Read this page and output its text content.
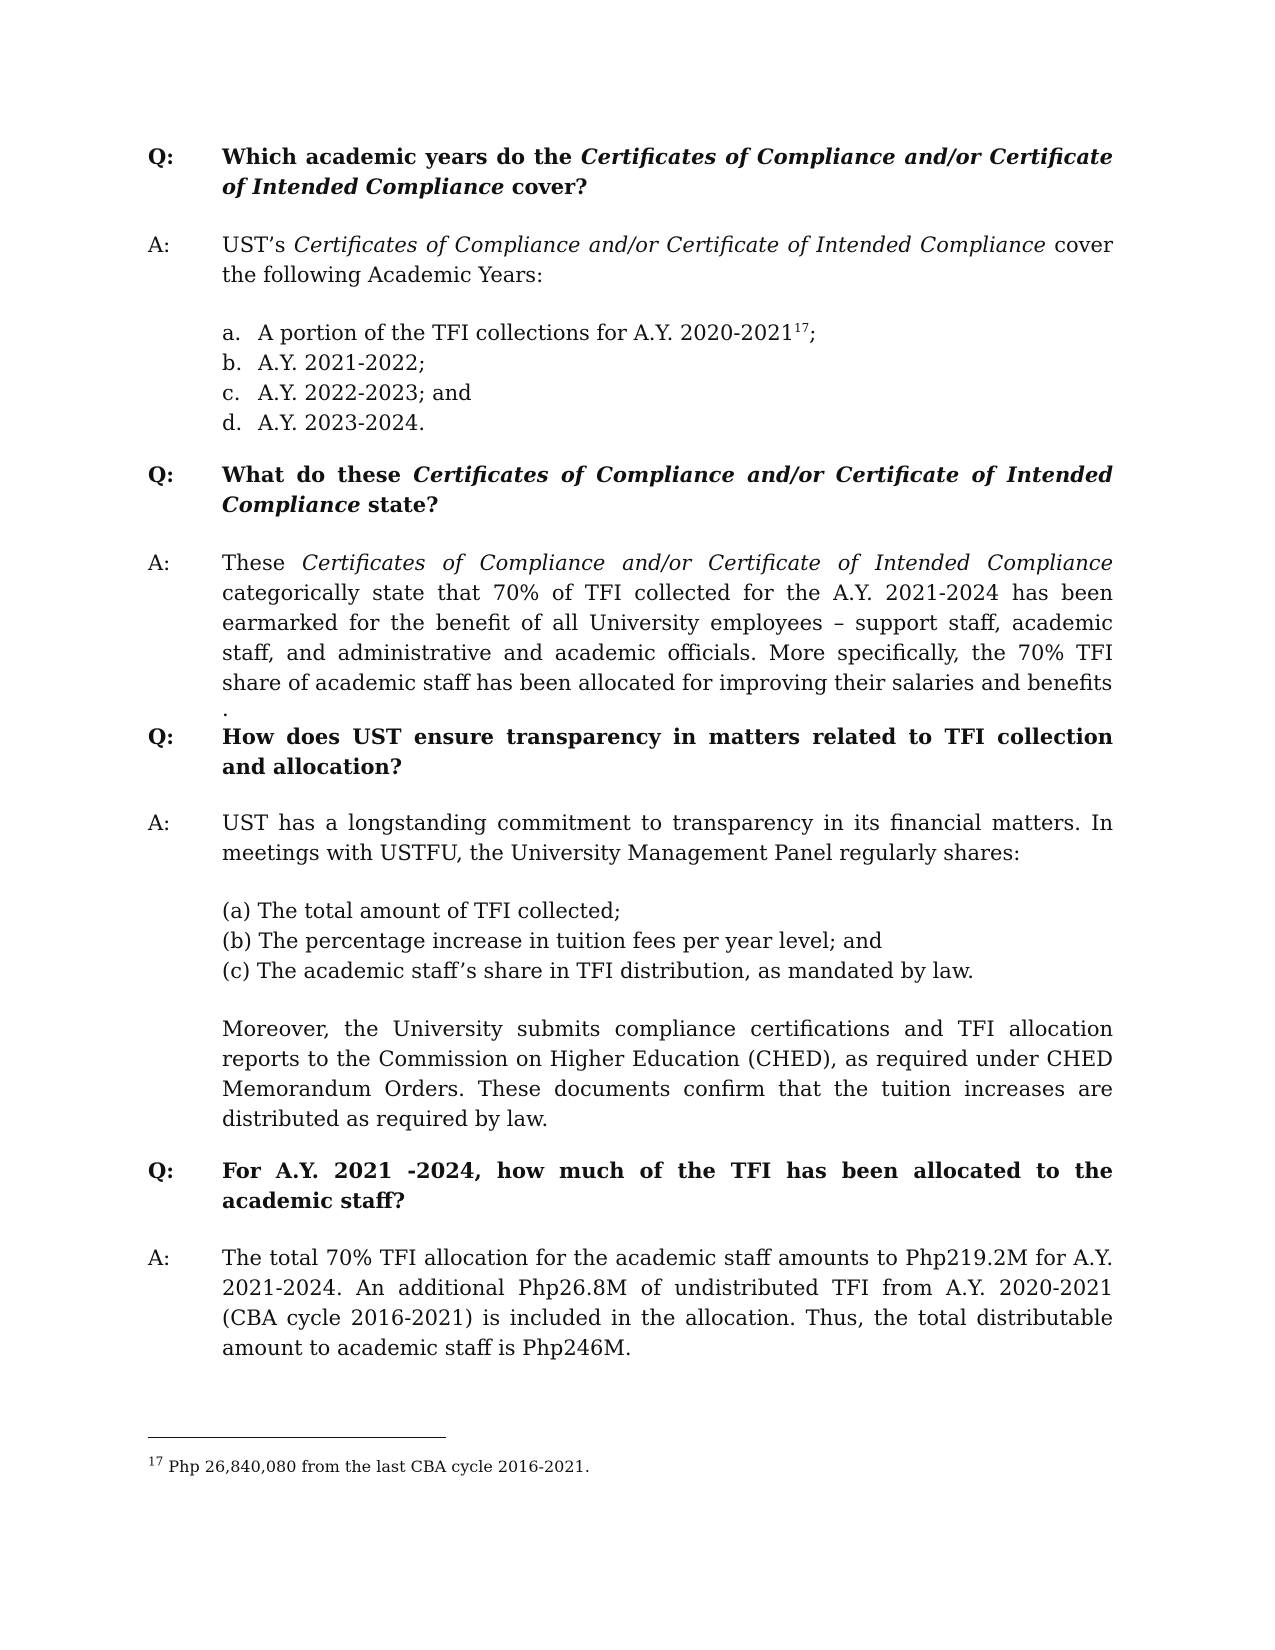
Q:	Which academic years do the Certificates of Compliance and/or Certificate of Intended Compliance cover?
A:	UST’s Certificates of Compliance and/or Certificate of Intended Compliance cover the following Academic Years:

a. A portion of the TFI collections for A.Y. 2020-2021$^{17}$;
b. A.Y. 2021-2022;
c. A.Y. 2022-2023; and
d. A.Y. 2023-2024.
Q:	What do these Certificates of Compliance and/or Certificate of Intended Compliance state?
A:	These Certificates of Compliance and/or Certificate of Intended Compliance categorically state that 70% of TFI collected for the A.Y. 2021-2024 has been earmarked for the benefit of all University employees – support staff, academic staff, and administrative and academic officials. More specifically, the 70% TFI share of academic staff has been allocated for improving their salaries and benefits

.

Q:	How does UST ensure transparency in matters related to TFI collection and allocation?
A:	UST has a longstanding commitment to transparency in its financial matters. In meetings with USTFU, the University Management Panel regularly shares:

(a) The total amount of TFI collected;
(b) The percentage increase in tuition fees per year level; and
(c) The academic staff’s share in TFI distribution, as mandated by law.

Moreover, the University submits compliance certifications and TFI allocation reports to the Commission on Higher Education (CHED), as required under CHED Memorandum Orders. These documents confirm that the tuition increases are distributed as required by law.

Q:	For A.Y. 2021 -2024, how much of the TFI has been allocated to the academic staff?
A:	The total 70% TFI allocation for the academic staff amounts to Php219.2M for A.Y. 2021-2024. An additional Php26.8M of undistributed TFI from A.Y. 2020-2021 (CBA cycle 2016-2021) is included in the allocation. Thus, the total distributable amount to academic staff is Php246M.
$^{17}$ Php 26,840,080 from the last CBA cycle 2016-2021.
